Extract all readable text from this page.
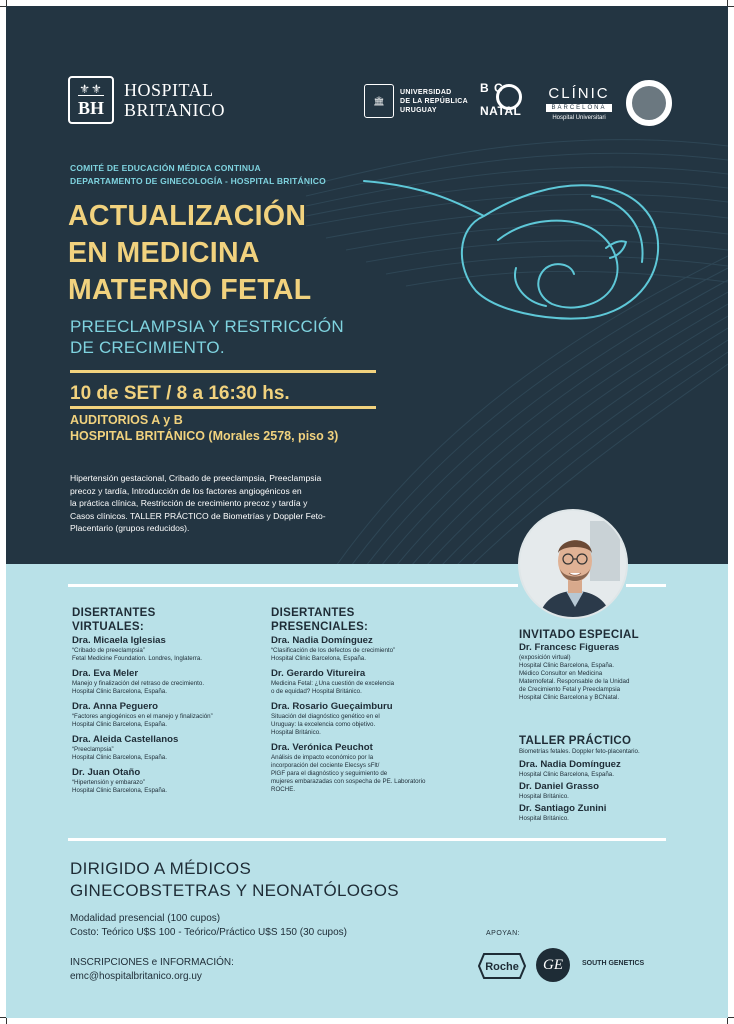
⚜⚜
BH
HOSPITAL
BRITANICO	🏛
UNIVERSIDAD
DE LA REPÚBLICA
URUGUAY
B C
NATAL
CLÍNIC
BARCELONA
Hospital Universitari
COMITÉ DE EDUCACIÓN MÉDICA CONTINUA
DEPARTAMENTO DE GINECOLOGÍA - HOSPITAL BRITÁNICO
ACTUALIZACIÓN
EN MEDICINA
MATERNO FETAL
PREECLAMPSIA Y RESTRICCIÓN
DE CRECIMIENTO.
10 de SET / 8 a 16:30 hs.
AUDITORIOS A y B
HOSPITAL BRITÁNICO (Morales 2578, piso 3)
Hipertensión gestacional, Cribado de preeclampsia, Preeclampsia
precoz y tardía, Introducción de los factores angiogénicos en
la práctica clínica, Restricción de crecimiento precoz y tardía y
Casos clínicos. TALLER PRÁCTICO de Biometrías y Doppler Feto-
Placentario (grupos reducidos).
DISERTANTES
VIRTUALES:
Dra. Micaela Iglesias
“Cribado de preeclampsia”
Fetal Medicine Foundation. Londres, Inglaterra.
Dra. Eva Meler
Manejo y finalización del retraso de crecimiento.
Hospital Clinic Barcelona, España.
Dra. Anna Peguero
“Factores angiogénicos en el manejo y finalización”
Hospital Clinic Barcelona, España.
Dra. Aleida Castellanos
“Preeclampsia”
Hospital Clinic Barcelona, España.
Dr. Juan Otaño
“Hipertensión y embarazo”
Hospital Clinic Barcelona, España.
DISERTANTES
PRESENCIALES:
Dra. Nadia Domínguez
“Clasificación de los defectos de crecimiento”
Hospital Clinic Barcelona, España.
Dr. Gerardo Vitureira
Medicina Fetal: ¿Una cuestión de excelencia
o de equidad? Hospital Británico.
Dra. Rosario Gueçaimburu
Situación del diagnóstico genético en el
Uruguay: la excelencia como objetivo.
Hospital Británico.
Dra. Verónica Peuchot
Análisis de impacto económico por la
incorporación del cociente Elecsys sFlt/
PlGF para el diagnóstico y seguimiento de
mujeres embarazadas con sospecha de PE. Laboratorio ROCHE.
INVITADO ESPECIAL
Dr. Francesc Figueras
(exposición virtual)
Hospital Clinic Barcelona, España.
Médico Consultor en Medicina
Maternofetal. Responsable de la Unidad
de Crecimiento Fetal y Preeclampsia
Hospital Clinic Barcelona y BCNatal.
TALLER PRÁCTICO
Biometrías fetales. Doppler feto-placentario.
Dra. Nadia Domínguez
Hospital Clinic Barcelona, España.
Dr. Daniel Grasso
Hospital Británico.
Dr. Santiago Zunini
Hospital Británico.
DIRIGIDO A MÉDICOS
GINECOBSTETRAS Y NEONATÓLOGOS
Modalidad presencial (100 cupos)
Costo: Teórico U$S 100 - Teórico/Práctico U$S 150 (30 cupos)
INSCRIPCIONES e INFORMACIÓN:
emc@hospitalbritanico.org.uy
APOYAN:
Roche	GE	SOUTH GENETICS
